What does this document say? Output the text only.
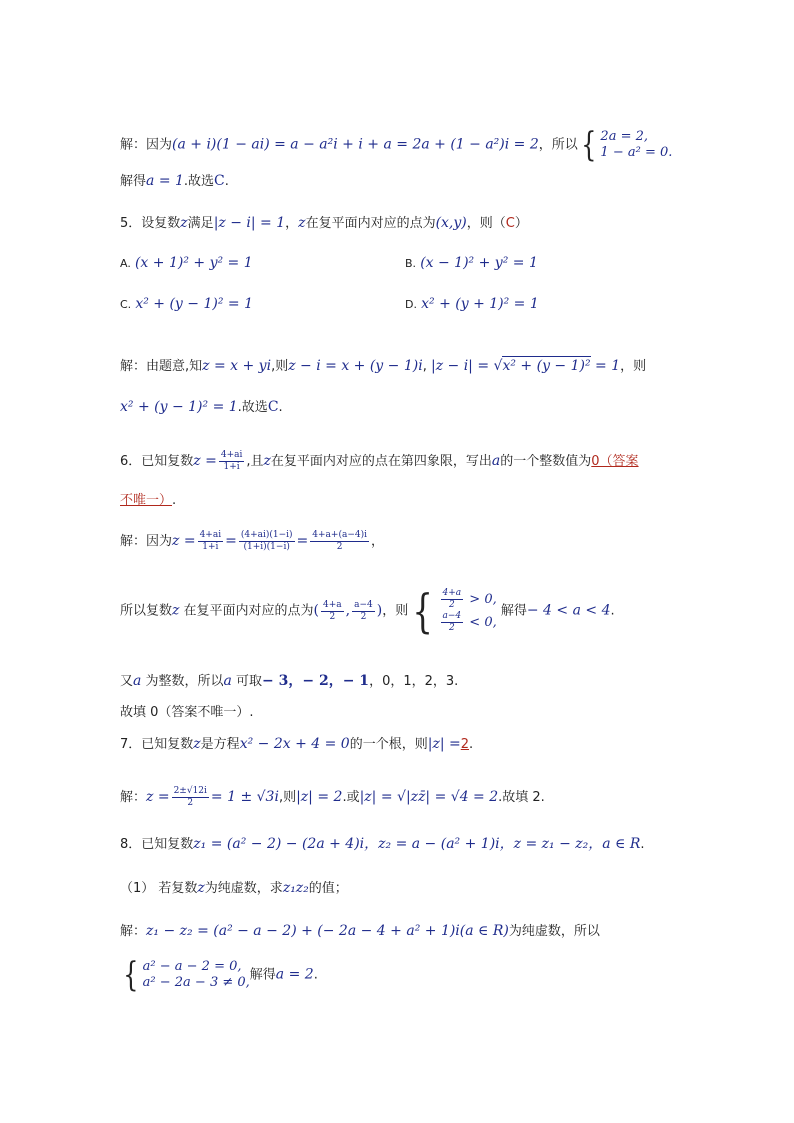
解：因为(a + i)(1 − ai) = a − a²i + i + a = 2a + (1 − a²)i = 2，所以 { 2a = 2,
1 − a² = 0.
解得a = 1.故选C.
5．设复数z满足|z − i| = 1，z在复平面内对应的点为(x,y)，则（C）
A. (x + 1)² + y² = 1	B. (x − 1)² + y² = 1
C. x² + (y − 1)² = 1	D. x² + (y + 1)² = 1
解：由题意,知z = x + yi,则z − i = x + (y − 1)i, |z − i| = √x² + (y − 1)² = 1，则
x² + (y − 1)² = 1.故选C.
6．已知复数$z = \frac{4+ai}{1+i}$ ,且z在复平面内对应的点在第四象限，写出a的一个整数值为0（答案
不唯一）.
解：因为$z = \frac{4+ai}{1+i} = \frac{(4+ai)(1-i)}{(1+i)(1-i)} = \frac{4+a+(a-4)i}{2}$ ，
所以复数z 在复平面内对应的点为( $\frac{4+a}{2}$ , $\frac{a-4}{2}$ )，则 { $\frac{4+a}{2} > 0$,
$\frac{a-4}{2} < 0$,
解得− 4 < a < 4.
又a 为整数，所以a 可取− 3，− 2，− 1，0，1，2，3.
故填 0（答案不唯一）.
7．已知复数z是方程x² − 2x + 4 = 0的一个根，则|z| =2.
解：$z = \frac{2\pm√12i}{2} = 1 \pm √3i$,则|z| = 2.或|z| = √|zz̄| = √4 = 2.故填 2.
8．已知复数z₁ = (a² − 2) − (2a + 4)i，z₂ = a − (a² + 1)i，z = z₁ − z₂，a ∈ R.
（1） 若复数z为纯虚数，求z₁z₂的值；
解：z₁ − z₂ = (a² − a − 2) + (− 2a − 4 + a² + 1)i(a ∈ R)为纯虚数，所以
{ a² − a − 2 = 0,
a² − 2a − 3 ≠ 0, 解得a = 2.
